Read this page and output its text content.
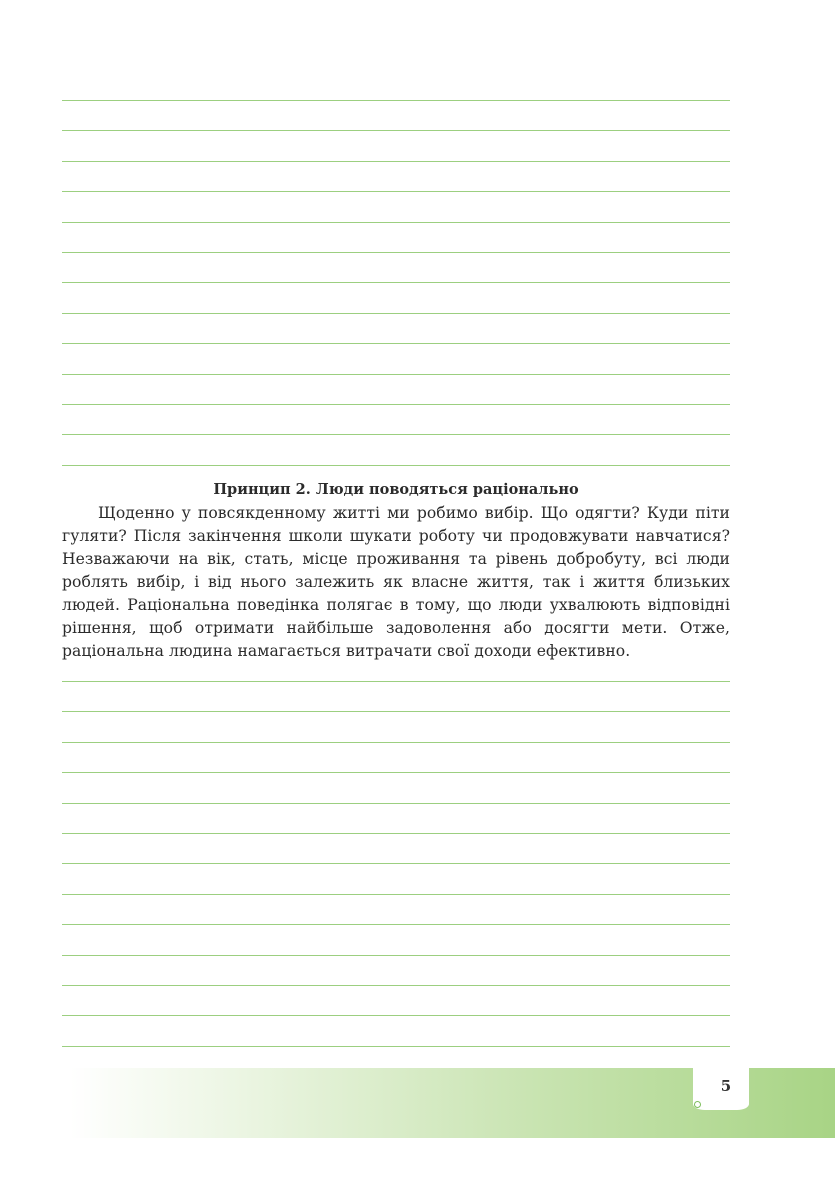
Принцип 2. Люди поводяться раціонально

Щоденно у повсякденному житті ми робимо вибір. Що одягти? Куди піти гуляти? Після закінчення школи шукати роботу чи продовжувати навчатися? Незважаючи на вік, стать, місце проживання та рівень добробуту, всі люди роблять вибір, і від нього залежить як власне життя, так і життя близьких людей. Раціональна поведінка полягає в тому, що люди ухвалюють відповідні рішення, щоб отримати найбільше задоволення або досягти мети. Отже, раціональна людина намагається витрачати свої доходи ефективно.

5
